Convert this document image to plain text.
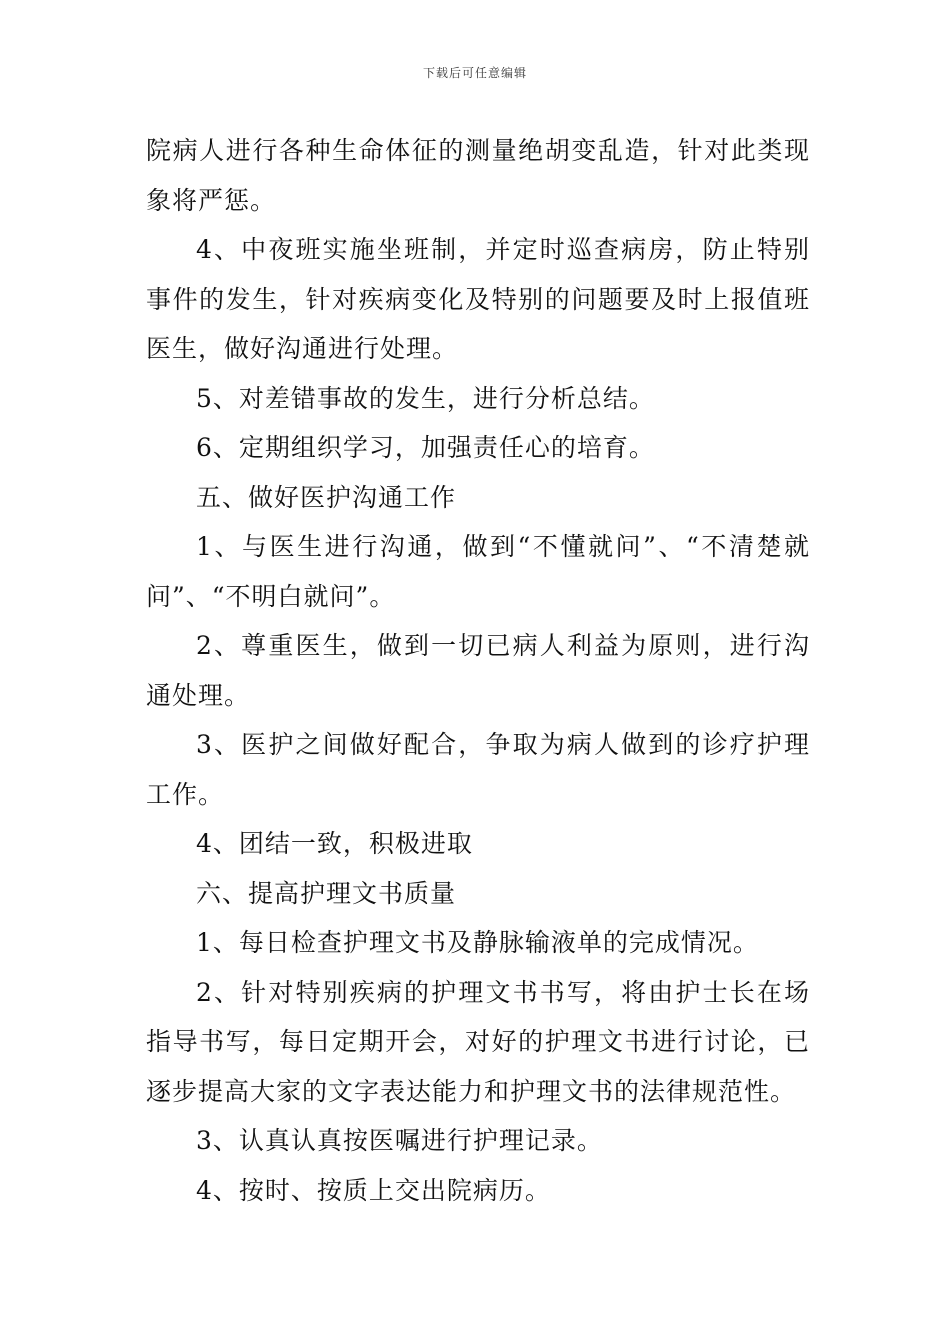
下载后可任意编辑

院病人进行各种生命体征的测量绝胡变乱造，针对此类现象将严惩。

4、中夜班实施坐班制，并定时巡查病房，防止特别事件的发生，针对疾病变化及特别的问题要及时上报值班医生，做好沟通进行处理。

5、对差错事故的发生，进行分析总结。

6、定期组织学习，加强责任心的培育。

五、做好医护沟通工作

1、与医生进行沟通，做到“不懂就问”、“不清楚就问”、“不明白就问”。

2、尊重医生，做到一切已病人利益为原则，进行沟通处理。

3、医护之间做好配合，争取为病人做到的诊疗护理工作。

4、团结一致，积极进取

六、提高护理文书质量

1、每日检查护理文书及静脉输液单的完成情况。

2、针对特别疾病的护理文书书写，将由护士长在场指导书写，每日定期开会，对好的护理文书进行讨论，已逐步提高大家的文字表达能力和护理文书的法律规范性。

3、认真认真按医嘱进行护理记录。

4、按时、按质上交出院病历。
